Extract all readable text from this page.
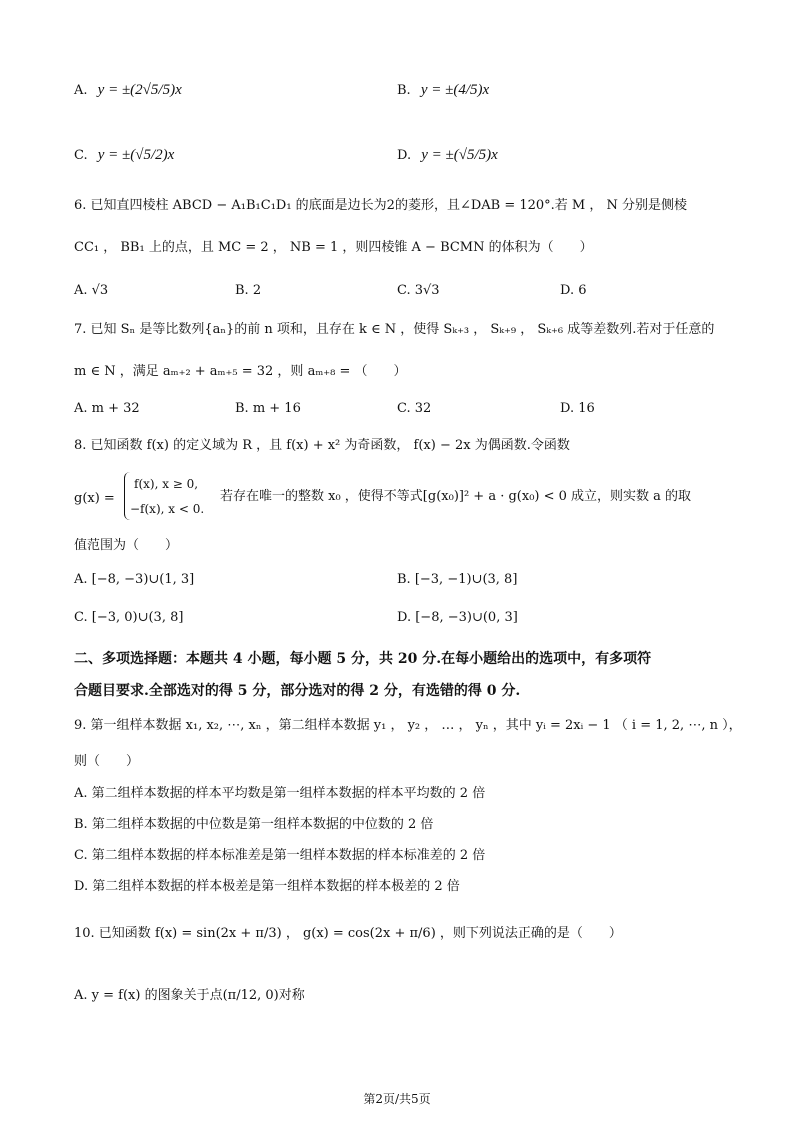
A. y = ±(2√5/5)x	B. y = ±(4/5)x
C. y = ±(√5/2)x	D. y = ±(√5/5)x
6. 已知直四棱柱 ABCD − A₁B₁C₁D₁ 的底面是边长为2的菱形，且∠DAB = 120°.若 M ， N 分别是侧棱
CC₁ ， BB₁ 上的点，且 MC = 2 ， NB = 1 ，则四棱锥 A − BCMN 的体积为（　　）
A. √3	B. 2	C. 3√3	D. 6
7. 已知 Sₙ 是等比数列{aₙ}的前 n 项和，且存在 k ∈ N ，使得 Sₖ₊₃ ， Sₖ₊₉ ， Sₖ₊₆ 成等差数列.若对于任意的
m ∈ N ，满足 aₘ₊₂ + aₘ₊₅ = 32 ，则 aₘ₊₈ = （　　）
A. m + 32	B. m + 16	C. 32	D. 16
8. 已知函数 f(x) 的定义域为 R ，且 f(x) + x² 为奇函数， f(x) − 2x 为偶函数.令函数
g(x) =
f(x), x ≥ 0,
−f(x), x < 0.
若存在唯一的整数 x₀ ，使得不等式[g(x₀)]² + a · g(x₀) < 0 成立，则实数 a 的取
值范围为（　　）
A. [−8, −3)∪(1, 3]	B. [−3, −1)∪(3, 8]
C. [−3, 0)∪(3, 8]	D. [−8, −3)∪(0, 3]
二、多项选择题：本题共 4 小题，每小题 5 分，共 20 分.在每小题给出的选项中，有多项符
合题目要求.全部选对的得 5 分，部分选对的得 2 分，有选错的得 0 分.
9. 第一组样本数据 x₁, x₂, ⋯, xₙ ，第二组样本数据 y₁ ， y₂ ， … ， yₙ ，其中 yᵢ = 2xᵢ − 1 （ i = 1, 2, ⋯, n ），
则（　　）
A. 第二组样本数据的样本平均数是第一组样本数据的样本平均数的 2 倍
B. 第二组样本数据的中位数是第一组样本数据的中位数的 2 倍
C. 第二组样本数据的样本标准差是第一组样本数据的样本标准差的 2 倍
D. 第二组样本数据的样本极差是第一组样本数据的样本极差的 2 倍
10. 已知函数 f(x) = sin(2x + π/3) ， g(x) = cos(2x + π/6) ，则下列说法正确的是（　　）
A. y = f(x) 的图象关于点(π/12, 0)对称
第2页/共5页
